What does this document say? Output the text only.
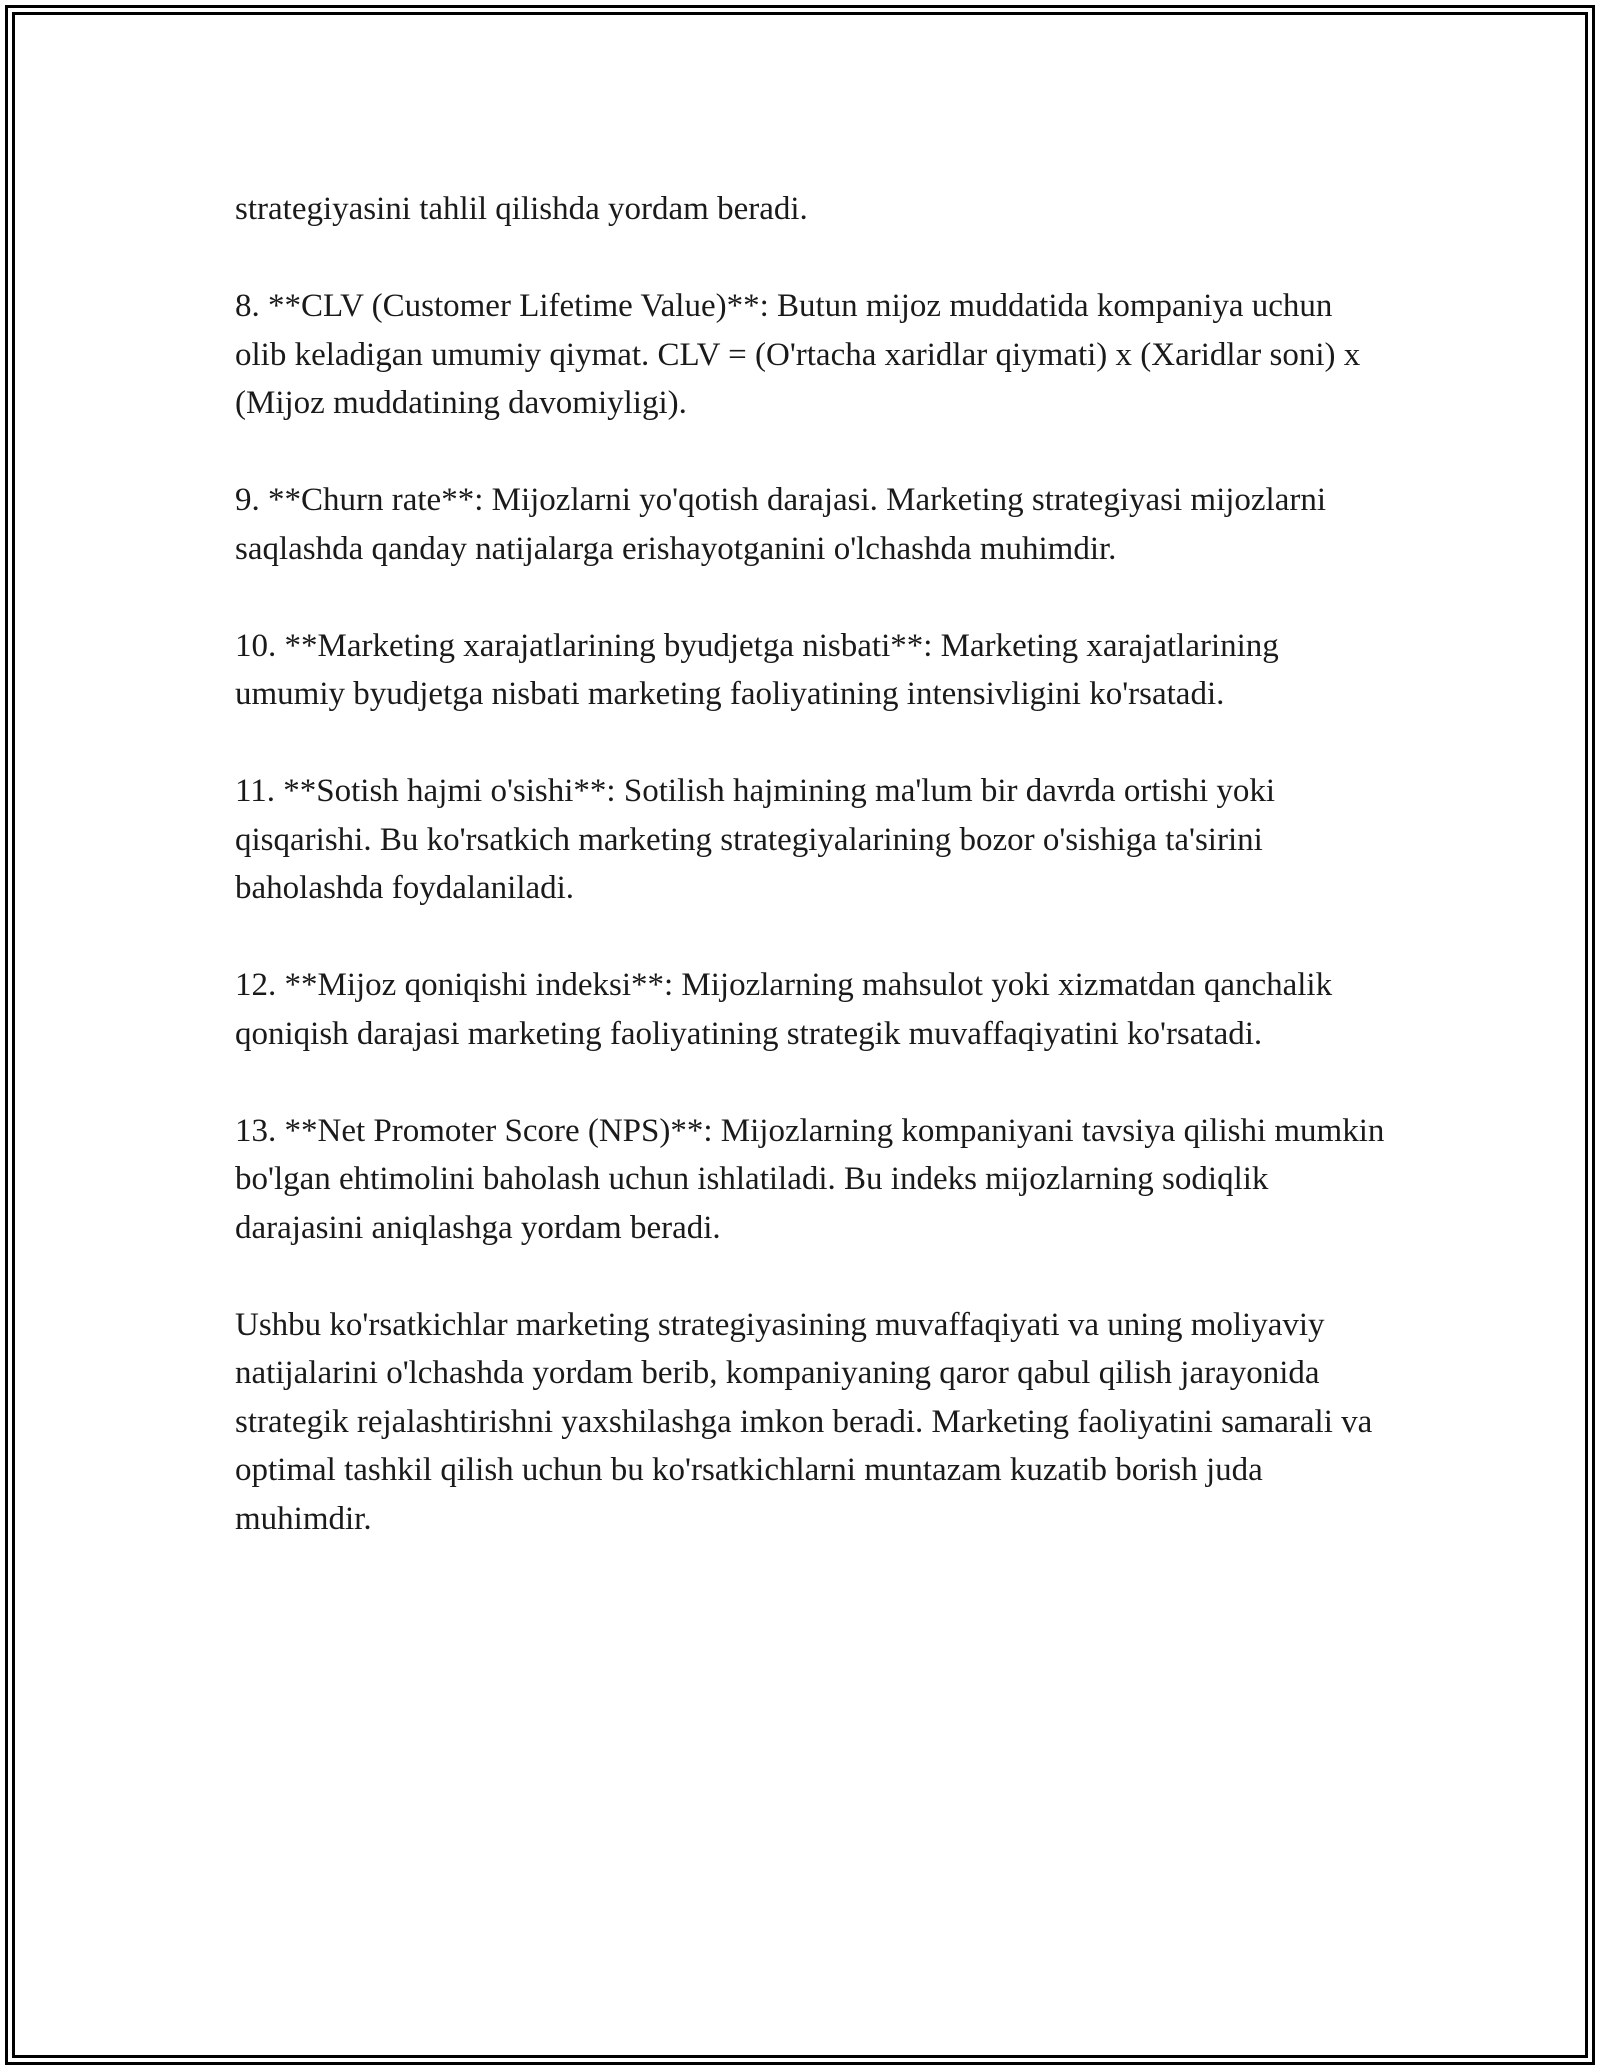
strategiyasini tahlil qilishda yordam beradi.

8. **CLV (Customer Lifetime Value)**: Butun mijoz muddatida kompaniya uchun olib keladigan umumiy qiymat. CLV = (O'rtacha xaridlar qiymati) x (Xaridlar soni) x (Mijoz muddatining davomiyligi).

9. **Churn rate**: Mijozlarni yo'qotish darajasi. Marketing strategiyasi mijozlarni saqlashda qanday natijalarga erishayotganini o'lchashda muhimdir.

10. **Marketing xarajatlarining byudjetga nisbati**: Marketing xarajatlarining umumiy byudjetga nisbati marketing faoliyatining intensivligini ko'rsatadi.

11. **Sotish hajmi o'sishi**: Sotilish hajmining ma'lum bir davrda ortishi yoki qisqarishi. Bu ko'rsatkich marketing strategiyalarining bozor o'sishiga ta'sirini baholashda foydalaniladi.

12. **Mijoz qoniqishi indeksi**: Mijozlarning mahsulot yoki xizmatdan qanchalik qoniqish darajasi marketing faoliyatining strategik muvaffaqiyatini ko'rsatadi.

13. **Net Promoter Score (NPS)**: Mijozlarning kompaniyani tavsiya qilishi mumkin bo'lgan ehtimolini baholash uchun ishlatiladi. Bu indeks mijozlarning sodiqlik darajasini aniqlashga yordam beradi.

Ushbu ko'rsatkichlar marketing strategiyasining muvaffaqiyati va uning moliyaviy natijalarini o'lchashda yordam berib, kompaniyaning qaror qabul qilish jarayonida strategik rejalashtirishni yaxshilashga imkon beradi. Marketing faoliyatini samarali va optimal tashkil qilish uchun bu ko'rsatkichlarni muntazam kuzatib borish juda muhimdir.
